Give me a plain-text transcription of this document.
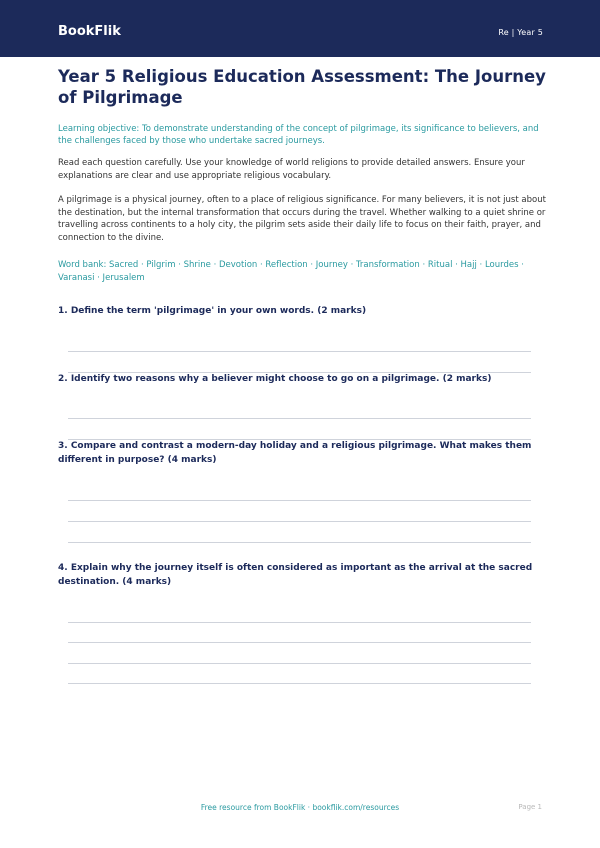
BookFlik	Re | Year 5
Year 5 Religious Education Assessment: The Journey of Pilgrimage

Learning objective: To demonstrate understanding of the concept of pilgrimage, its significance to believers, and the challenges faced by those who undertake sacred journeys.

Read each question carefully. Use your knowledge of world religions to provide detailed answers. Ensure your explanations are clear and use appropriate religious vocabulary.

A pilgrimage is a physical journey, often to a place of religious significance. For many believers, it is not just about the destination, but the internal transformation that occurs during the travel. Whether walking to a quiet shrine or travelling across continents to a holy city, the pilgrim sets aside their daily life to focus on their faith, prayer, and connection to the divine.

Word bank: Sacred · Pilgrim · Shrine · Devotion · Reflection · Journey · Transformation · Ritual · Hajj · Lourdes · Varanasi · Jerusalem

1. Define the term 'pilgrimage' in your own words. (2 marks)

2. Identify two reasons why a believer might choose to go on a pilgrimage. (2 marks)

3. Compare and contrast a modern-day holiday and a religious pilgrimage. What makes them different in purpose? (4 marks)

4. Explain why the journey itself is often considered as important as the arrival at the sacred destination. (4 marks)

Free resource from BookFlik · bookflik.com/resources	Page 1
